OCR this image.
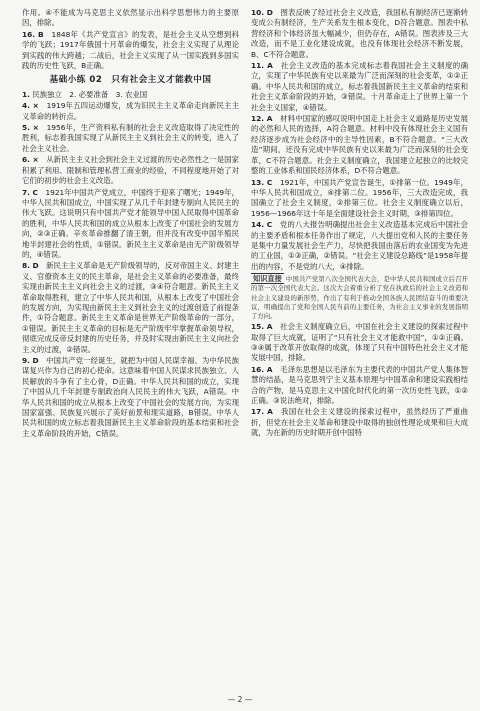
作用。④不能成为马克思主义依然显示出科学思想伟力的主要原因，排除。

16. B　 1848年《共产党宣言》的发表，是社会主义从空想到科学的飞跃；1917年俄国十月革命的爆发，社会主义实现了从理论到实践的伟大跨越；二战后，社会主义实现了从一国实践到多国实践的历史性飞跃，B正确。

基础小练 02　只有社会主义才能救中国

1. 民族独立　2. 必要准备　3. 农业国

4. ×　 1919年五四运动爆发，成为旧民主主义革命走向新民主主义革命的转折点。

5. ×　 1956年，生产资料私有制的社会主义改造取得了决定性的胜利，标志着我国实现了从新民主主义到社会主义的转变，进入了社会主义社会。

6. ×　 从新民主主义社会到社会主义过渡的历史必然性之一是国家积累了利用、限制和管理私营工商业的经验，不同程度地开始了对它们的初步的社会主义改造。

7. C　 1921年中国共产党成立，中国终于迎来了曙光；1949年，中华人民共和国成立，中国实现了从几千年封建专制向人民民主的伟大飞跃。这说明只有中国共产党才能领导中国人民取得中国革命的胜利，中华人民共和国的成立从根本上改变了中国社会的发展方向，②③正确。辛亥革命推翻了清王朝，但并没有改变中国半殖民地半封建社会的性质，①错误。新民主主义革命是由无产阶级领导的，④错误。

8. D　 新民主主义革命是无产阶级领导的，反对帝国主义、封建主义、官僚资本主义的民主革命，是社会主义革命的必要准备，最终实现由新民主主义向社会主义的过渡，③④符合题意。新民主主义革命取得胜利，建立了中华人民共和国，从根本上改变了中国社会的发展方向，为实现由新民主主义到社会主义的过渡创造了前提条件，①符合题意。新民主主义革命是世界无产阶级革命的一部分，①错误。新民主主义革命的目标是无产阶级牢牢掌握革命领导权，彻底完成反帝反封建的历史任务，并及时实现由新民主主义向社会主义的过渡，②错误。

9. D　 中国共产党一经诞生，就把为中国人民谋幸福、为中华民族谋复兴作为自己的初心使命。这意味着中国人民谋求民族独立、人民解放的斗争有了主心骨，D正确。中华人民共和国的成立，实现了中国从几千年封建专制政治向人民民主的伟大飞跃，A错误。中华人民共和国的成立从根本上改变了中国社会的发展方向，为实现国家富强、民族复兴展示了美好前景和现实道路，B错误。中华人民共和国的成立标志着我国新民主主义革命阶段的基本结束和社会主义革命阶段的开始，C错误。

10. D　 图表反映了经过社会主义改造，我国私有制经济已逐渐转变成公有制经济，生产关系发生根本变化，D符合题意。图表中私营经济和个体经济虽大幅减少，但仍存在，A错误。图表涉及三大改造，而不是工业化建设成就，也没有体现社会经济不断发展，B、C不符合题意。

11. A　 社会主义改造的基本完成标志着我国社会主义制度的确立，实现了中华民族有史以来最为广泛而深刻的社会变革，①②正确。中华人民共和国的成立，标志着我国新民主主义革命的结束和社会主义革命阶段的开始，③错误。十月革命走上了世界上第一个社会主义国家，④错误。

12. A　 材料中国家的感叹说明中国走上社会主义道路是历史发展的必然和人民的选择，A符合题意。材料中没有体现社会主义国有经济逐步成为社会经济中的主导性因素，B不符合题意。“三大改造”期间，还没有完成中华民族有史以来最为广泛而深刻的社会变革，C不符合题意。社会主义制度确立，我国建立起独立的比较完整的工业体系和国民经济体系，D不符合题意。

13. C　 1921年，中国共产党宣告诞生，①排第一位。1949年，中华人民共和国成立，④排第二位。1956年，三大改造完成，我国确立了社会主义制度，②排第三位。社会主义制度确立以后，1956—1966年这十年是全面建设社会主义时期，③排第四位。

14. C　 党的八大报告明确提出社会主义改造基本完成后中国社会的主要矛盾和根本任务作出了规定，八大提出党和人民的主要任务是集中力量发展社会生产力，尽快把我国由落后的农业国变为先进的工业国，①③正确，②错误。“社会主义建设总路线”是1958年提出的内容，不是党的八大，④排除。

知识直接 中国共产党第八次全国代表大会，是中华人民共和国成立后召开的第一次全国代表大会。这次大会着重分析了党在执政后的社会主义改造和社会主义建设的新形势，作出了有利于推动全国各族人民团结奋斗的重要决议，明确提出了党和全国人民当前的主要任务，为社会主义事业的发展指明了方向。

15. A　 社会主义制度确立后，中国在社会主义建设的探索过程中取得了巨大成就，证明了“只有社会主义才能救中国”，①②正确。③④属于改革开放取得的成就，体现了只有中国特色社会主义才能发展中国，排除。

16. A　 毛泽东思想是以毛泽东为主要代表的中国共产党人集体智慧的结晶，是马克思列宁主义基本原理与中国革命和建设实践相结合的产物，是马克思主义中国化时代化的第一次历史性飞跃，①②正确。③说法绝对，排除。

17. A　 我国在社会主义建设的探索过程中，虽然经历了严重曲折，但党在社会主义革命和建设中取得的独创性理论成果和巨大成就，为在新的历史时期开创中国特

— 2 —
